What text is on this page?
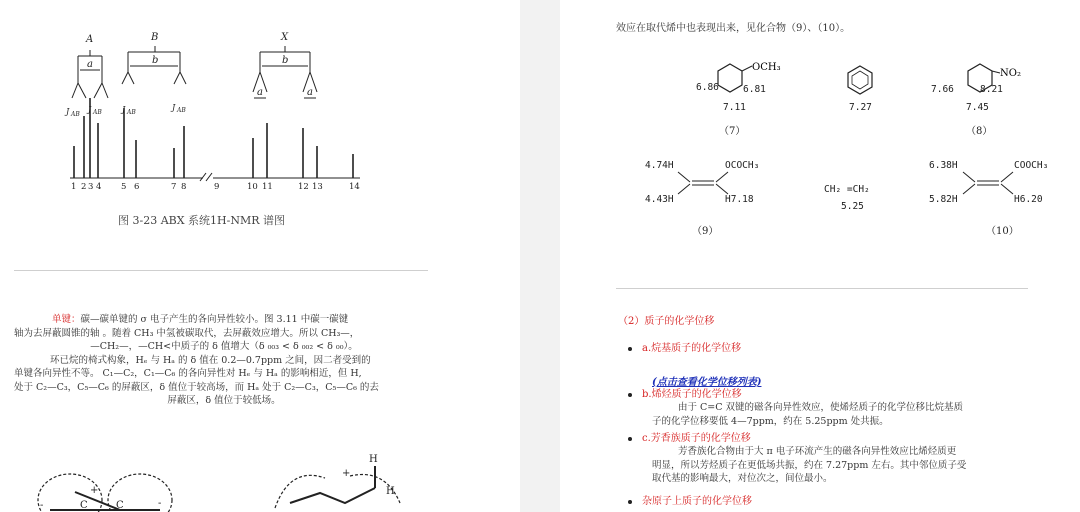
A	B	X
a	b	b
a	a
J AB
J AB	J AB
J AB
1 2 3 4 5 6	7 8	9	10 11	12 13	14
图 3-23 ABX 系统1H-NMR 谱图
单键：碳—碳单键的 σ 电子产生的各向异性较小。图 3.11 中碳一碳键
轴为去屏蔽圆锥的轴 。随着 CH₃ 中氢被碳取代，去屏蔽效应增大。所以 CH₃—，
—CH₂—，—CH<中质子的 δ 值增大（δ ₀₀₃ < δ ₀₀₂ < δ ₀₀）。
环已烷的椅式构象，Hₑ 与 Hₐ 的 δ 值在 0.2—0.7ppm 之间，因二者受到的
单键各向异性不等。 C₁—C₂，C₁—C₆ 的各向异性对 Hₑ 与 Hₐ 的影响相近，但 H,
处于 C₂—C₃，C₅—C₆ 的屏蔽区，δ 值位于较高场，而 Hₐ 处于 C₂—C₃，C₅—C₆ 的去
屏蔽区，δ 值位于较低场。
+
-	C	C	-
+
H
H
效应在取代烯中也表现出来，见化合物（9）、（10）。
OCH₃
6.86	6.81
7.11
（7）
7.27
NO₂
7.66	8.21
7.45
（8）
4.74H
4.43H
OCOCH₃
H7.18
（9）
CH₂ =CH₂
5.25
6.38H
5.82H
COOCH₃
H6.20
（10）
（2）质子的化学位移
a.烷基质子的化学位移
(点击查看化学位移列表)
b.烯烃质子的化学位移
由于 C=C 双键的磁各向异性效应，使烯烃质子的化学位移比烷基质
子的化学位移要低 4—7ppm，约在 5.25ppm 处共振。
c.芳香族质子的化学位移
芳香族化合物由于大 π 电子环流产生的磁各向异性效应比烯烃质更
明显，所以芳烃质子在更低场共振，约在 7.27ppm 左右。其中邻位质子受
取代基的影响最大，对位次之，间位最小。
杂原子上质子的化学位移
